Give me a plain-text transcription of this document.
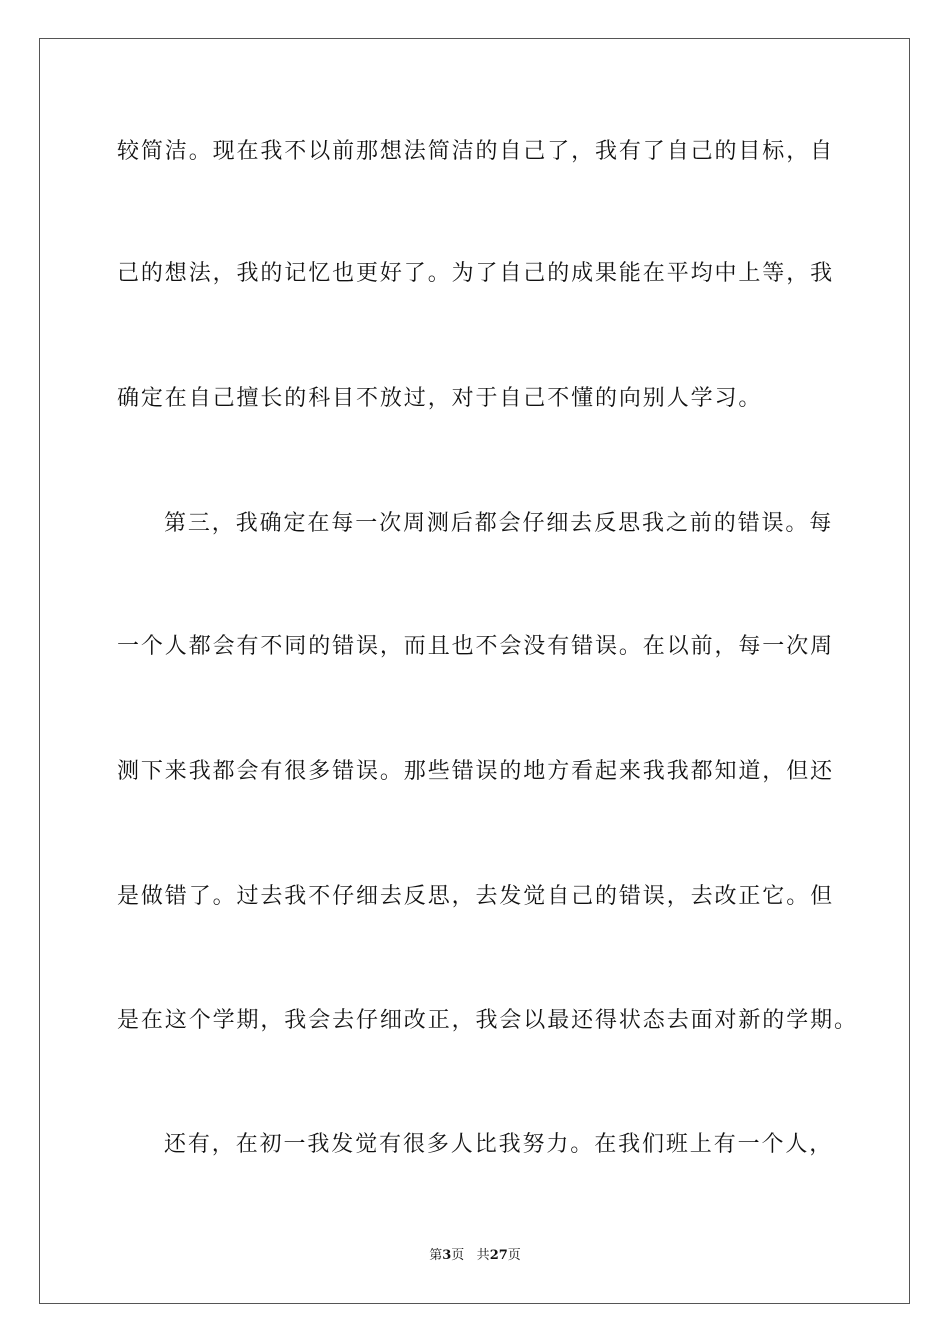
较简洁。现在我不以前那想法简洁的自己了，我有了自己的目标，自
己的想法，我的记忆也更好了。为了自己的成果能在平均中上等，我
确定在自己擅长的科目不放过，对于自己不懂的向别人学习。
第三，我确定在每一次周测后都会仔细去反思我之前的错误。每
一个人都会有不同的错误，而且也不会没有错误。在以前，每一次周
测下来我都会有很多错误。那些错误的地方看起来我我都知道，但还
是做错了。过去我不仔细去反思，去发觉自己的错误，去改正它。但
是在这个学期，我会去仔细改正，我会以最还得状态去面对新的学期。
还有，在初一我发觉有很多人比我努力。在我们班上有一个人，
第3页 共27页
